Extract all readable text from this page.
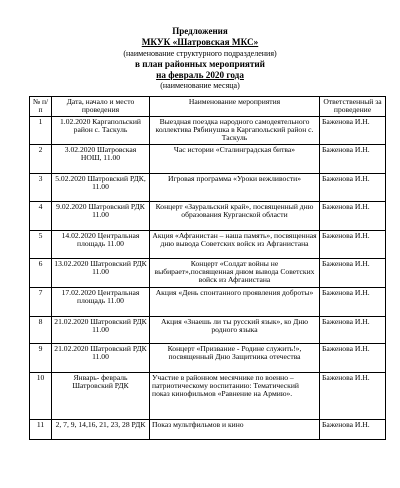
Предложения
МКУК «Шатровская МКС»
(наименование структурного подразделения)
в план районных мероприятий
на февраль 2020 года
(наименование месяца)
№ п/п	Дата, начало и место проведения	Наименование мероприятия	Ответственный за проведение
1	1.02.2020 Каргапольский район с. Таскуль	Выездная поездка народного самодеятельного коллектива Рябинушка в Каргапольский район с. Таскуль	Баженова И.Н.
2	3.02.2020 Шатровская НОШ, 11.00	Час истории «Сталинградская битва»	Баженова И.Н.
3	5.02.2020 Шатровский РДК, 11.00	Игровая программа «Уроки вежливости»	Баженова И.Н.
4	9.02.2020 Шатровский РДК 11.00	Концерт «Зауральский край», посвященный дню образования Курганской области	Баженова И.Н.
5	14.02.2020 Центральная площадь 11.00	Акция «Афганистан – наша память», посвященная дню вывода Советских войск из Афганистана	Баженова И.Н.
6	13.02.2020 Шатровский РДК 11.00	Концерт «Солдат войны не выбирает»,посвященная днюм вывода Советских войск из Афганистана	Баженова И.Н.
7	17.02.2020 Центральная площадь 11.00	Акция «День спонтанного проявления доброты»	Баженова И.Н.
8	21.02.2020 Шатровский РДК 11.00	Акция «Знаешь ли ты русский язык», ко Дню родного языка	Баженова И.Н.
9	21.02.2020 Шатровский РДК 11.00	Концерт «Призвание - Родине служить!», посвященный Дню Защитника отечества	Баженова И.Н.
10	Январь- февраль Шатровский РДК	Участие в районном месячнике по военно – патриотическому воспитанию: Тематический показ кинофильмов «Равнение на Армию».	Баженова И.Н.
11	2, 7, 9, 14,16, 21, 23, 28 РДК	Показ мультфильмов и кино	Баженова И.Н.
